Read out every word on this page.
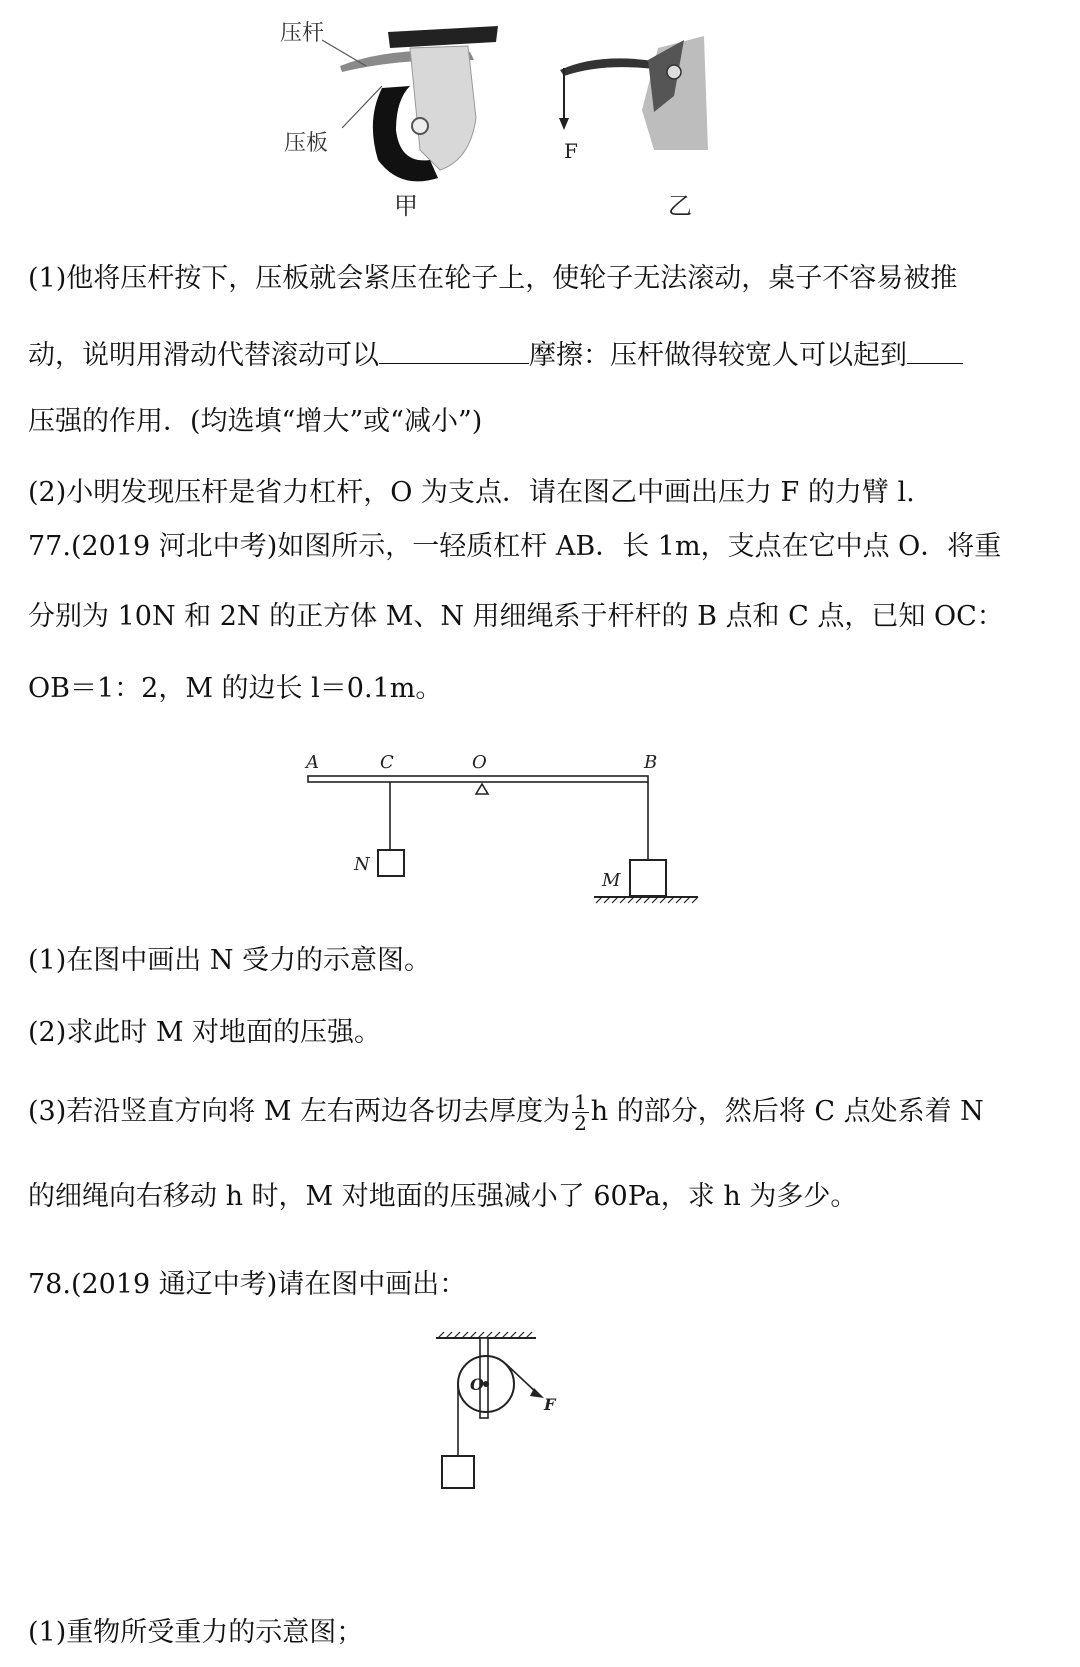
压杆
压板
甲
F
乙
(1)他将压杆按下，压板就会紧压在轮子上，使轮子无法滚动，桌子不容易被推
动，说明用滑动代替滚动可以	摩擦：压杆做得较宽人可以起到
压强的作用．(均选填“增大”或“减小”)
(2)小明发现压杆是省力杠杆，O 为支点．请在图乙中画出压力 F 的力臂 l.
77.(2019 河北中考)如图所示，一轻质杠杆 AB．长 1m，支点在它中点 O．将重
分别为 10N 和 2N 的正方体 M、N 用细绳系于杆杆的 B 点和 C 点，已知 OC：
OB＝1：2，M 的边长 l＝0.1m。
A	C	O	B
N
M
(1)在图中画出 N 受力的示意图。
(2)求此时 M 对地面的压强。
(3)若沿竖直方向将 M 左右两边各切去厚度为 $\frac{1}{2}$ h 的部分，然后将 C 点处系着 N
的细绳向右移动 h 时，M 对地面的压强减小了 60Pa，求 h 为多少。
78.(2019 通辽中考)请在图中画出：
O
F
(1)重物所受重力的示意图；
